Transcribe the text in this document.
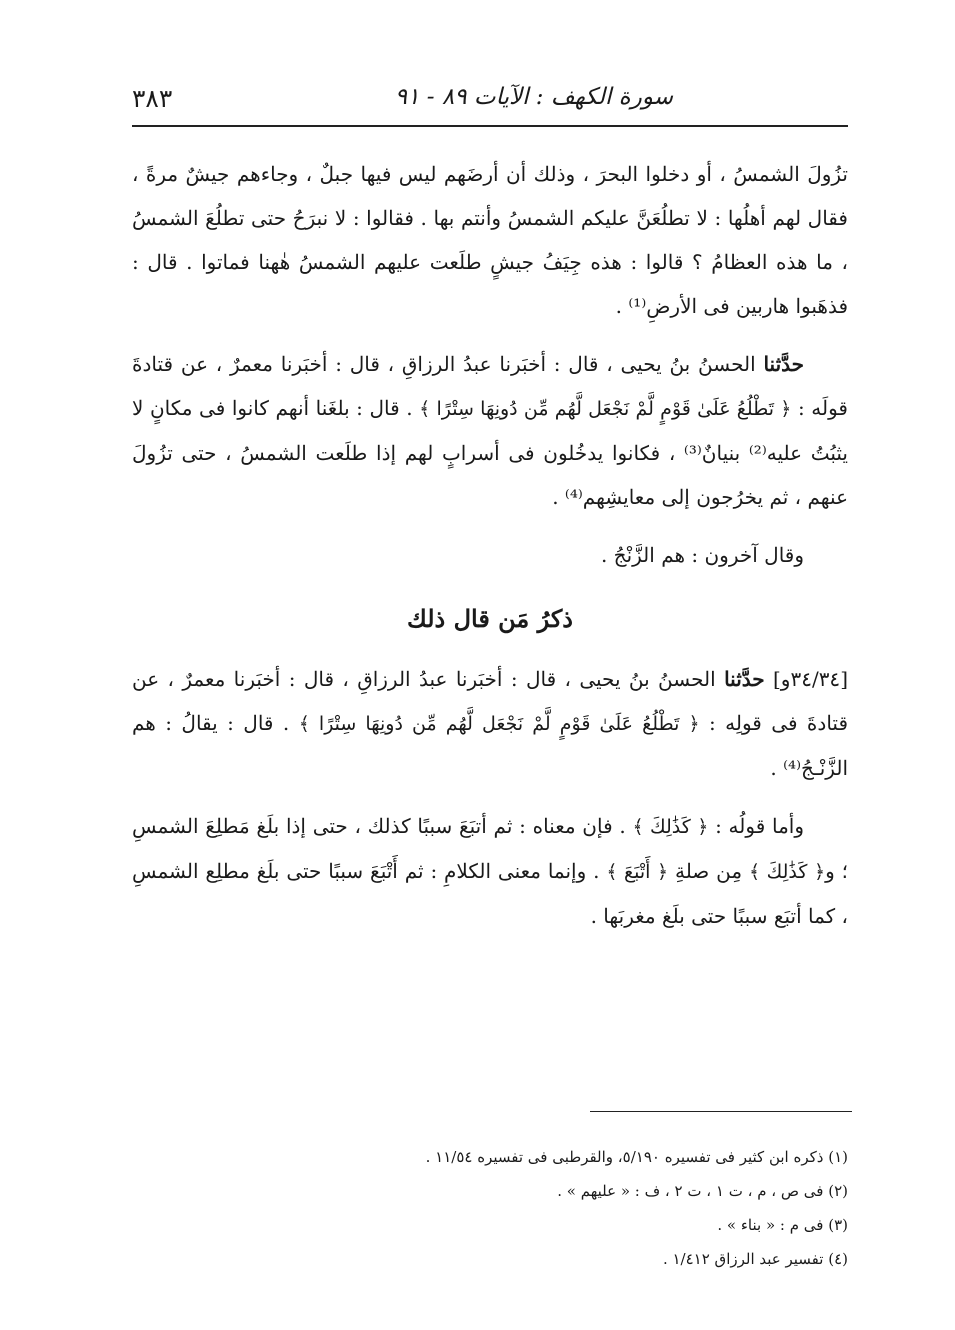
سورة الكهف : الآيات ٨٩ - ٩١
٣٨٣

تزُولَ الشمسُ ، أو دخلوا البحرَ ، وذلك أن أرضَهم ليس فيها جبلٌ ، وجاءهم جيشٌ مرةً ، فقال لهم أهلُها : لا تطلُعَنَّ عليكم الشمسُ وأنتم بها . فقالوا : لا نبرَحُ حتى تطلُعَ الشمسُ ، ما هذه العظامُ ؟ قالوا : هذه جِيَفُ جيشٍ طلَعت عليهم الشمسُ هٰهنا فماتوا . قال : فذهَبوا هاربين فى الأرضِ⁽¹⁾ .

حدَّثنا الحسنُ بنُ يحيى ، قال : أخبَرنا عبدُ الرزاقِ ، قال : أخبَرنا معمرٌ ، عن قتادةَ قولَه : ﴿ تَطْلُعُ عَلَىٰ قَوْمٍ لَّمْ نَجْعَل لَّهُم مِّن دُونِهَا سِتْرًا ﴾ . قال : بلغَنا أنهم كانوا فى مكانٍ لا يثبُتُ عليه⁽²⁾ بنيانٌ⁽³⁾ ، فكانوا يدخُلون فى أسرابٍ لهم إذا طلَعت الشمسُ ، حتى تزُولَ عنهم ، ثم يخرُجون إلى معايشِهم⁽⁴⁾ .

وقال آخرون : هم الزَّنْجُ .

ذكرُ مَن قال ذلك

[٣٤/٣٤و] حدَّثنا الحسنُ بنُ يحيى ، قال : أخبَرنا عبدُ الرزاقِ ، قال : أخبَرنا معمرٌ ، عن قتادةَ فى قولِه : ﴿ تَطْلُعُ عَلَىٰ قَوْمٍ لَّمْ نَجْعَل لَّهُم مِّن دُونِهَا سِتْرًا ﴾ . قال : يقالُ : هم الزَّنْـجُ⁽⁴⁾ .

وأما قولُه : ﴿ كَذَٰلِكَ ﴾ . فإن معناه : ثم أتبَعَ سببًا كذلك ، حتى إذا بلَغ مَطلِعَ الشمسِ ؛ و﴿ كَذَٰلِكَ ﴾ مِن صلةِ ﴿ أَتْبَعَ ﴾ . وإنما معنى الكلامِ : ثم أَتْبَعَ سببًا حتى بلَغ مطلِع الشمسِ ، كما أتبَع سببًا حتى بلَغ مغربَها .

(١) ذكره ابن كثير فى تفسيره ٥/١٩٠، والقرطبى فى تفسيره ١١/٥٤ .
(٢) فى ص ، م ، ت ١ ، ت ٢ ، ف : « عليهم » .
(٣) فى م : « بناء » .
(٤) تفسير عبد الرزاق ١/٤١٢ .
